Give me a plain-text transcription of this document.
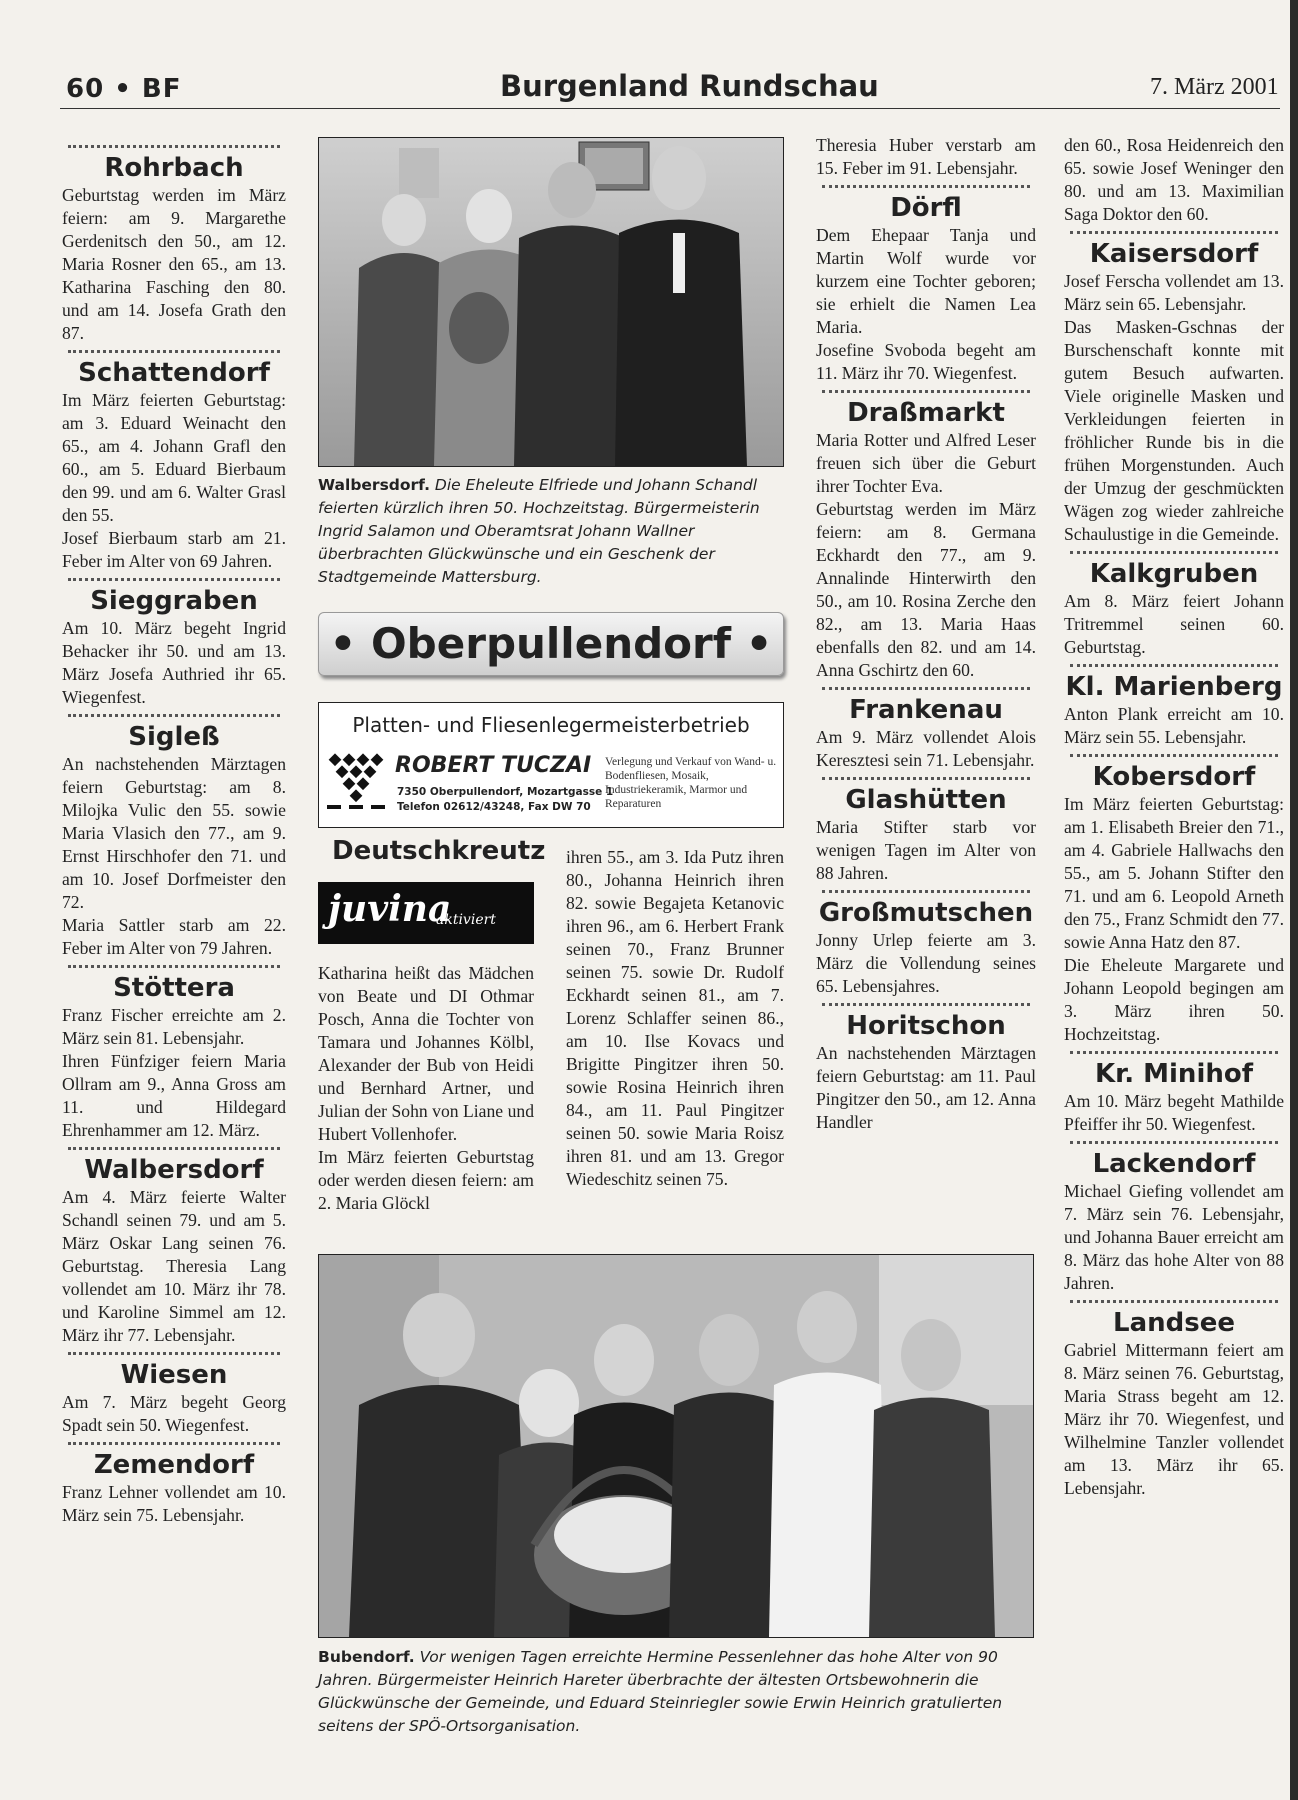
60 • BF	Burgenland Rundschau	7. März 2001
Rohrbach

Geburtstag werden im März feiern: am 9. Margarethe Gerdenitsch den 50., am 12. Maria Rosner den 65., am 13. Katharina Fasching den 80. und am 14. Josefa Grath den 87.

Schattendorf

Im März feierten Geburtstag: am 3. Eduard Weinacht den 65., am 4. Johann Grafl den 60., am 5. Eduard Bierbaum den 99. und am 6. Walter Grasl den 55.

Josef Bierbaum starb am 21. Feber im Alter von 69 Jahren.

Sieggraben

Am 10. März begeht Ingrid Behacker ihr 50. und am 13. März Josefa Authried ihr 65. Wiegenfest.

Sigleß

An nachstehenden Märztagen feiern Geburtstag: am 8. Milojka Vulic den 55. sowie Maria Vlasich den 77., am 9. Ernst Hirschhofer den 71. und am 10. Josef Dorfmeister den 72.

Maria Sattler starb am 22. Feber im Alter von 79 Jahren.

Stöttera

Franz Fischer erreichte am 2. März sein 81. Lebensjahr.

Ihren Fünfziger feiern Maria Ollram am 9., Anna Gross am 11. und Hildegard Ehrenhammer am 12. März.

Walbersdorf

Am 4. März feierte Walter Schandl seinen 79. und am 5. März Oskar Lang seinen 76. Geburtstag. Theresia Lang vollendet am 10. März ihr 78. und Karoline Simmel am 12. März ihr 77. Lebensjahr.

Wiesen

Am 7. März begeht Georg Spadt sein 50. Wiegenfest.

Zemendorf

Franz Lehner vollendet am 10. März sein 75. Lebensjahr.

Walbersdorf. Die Eheleute Elfriede und Johann Schandl feierten kürzlich ihren 50. Hochzeitstag. Bürgermeisterin Ingrid Salamon und Oberamtsrat Johann Wallner überbrachten Glückwünsche und ein Geschenk der Stadtgemeinde Mattersburg.
• Oberpullendorf •
Platten- und Fliesenlegermeisterbetrieb
ROBERT TUCZAI
7350 Oberpullendorf, Mozartgasse 1
Telefon 02612/43248, Fax DW 70
Verlegung und Verkauf von Wand- u. Bodenfliesen, Mosaik, Industriekeramik, Marmor und Reparaturen
Deutschkreutz
juvina
aktiviert

Katharina heißt das Mädchen von Beate und DI Othmar Posch, Anna die Tochter von Tamara und Johannes Kölbl, Alexander der Bub von Heidi und Bernhard Artner, und Julian der Sohn von Liane und Hubert Vollenhofer.

Im März feierten Geburtstag oder werden diesen feiern: am 2. Maria Glöckl

ihren 55., am 3. Ida Putz ihren 80., Johanna Heinrich ihren 82. sowie Begajeta Ketanovic ihren 96., am 6. Herbert Frank seinen 70., Franz Brunner seinen 75. sowie Dr. Rudolf Eckhardt seinen 81., am 7. Lorenz Schlaffer seinen 86., am 10. Ilse Kovacs und Brigitte Pingitzer ihren 50. sowie Rosina Heinrich ihren 84., am 11. Paul Pingitzer seinen 50. sowie Maria Roisz ihren 81. und am 13. Gregor Wiedeschitz seinen 75.

Bubendorf. Vor wenigen Tagen erreichte Hermine Pessenlehner das hohe Alter von 90 Jahren. Bürgermeister Heinrich Hareter überbrachte der ältesten Ortsbewohnerin die Glückwünsche der Gemeinde, und Eduard Steinriegler sowie Erwin Heinrich gratulierten seitens der SPÖ-Ortsorganisation.

Theresia Huber verstarb am 15. Feber im 91. Lebensjahr.

Dörfl

Dem Ehepaar Tanja und Martin Wolf wurde vor kurzem eine Tochter geboren; sie erhielt die Namen Lea Maria.

Josefine Svoboda begeht am 11. März ihr 70. Wiegenfest.

Draßmarkt

Maria Rotter und Alfred Leser freuen sich über die Geburt ihrer Tochter Eva.

Geburtstag werden im März feiern: am 8. Germana Eckhardt den 77., am 9. Annalinde Hinterwirth den 50., am 10. Rosina Zerche den 82., am 13. Maria Haas ebenfalls den 82. und am 14. Anna Gschirtz den 60.

Frankenau

Am 9. März vollendet Alois Keresztesi sein 71. Lebensjahr.

Glashütten

Maria Stifter starb vor wenigen Tagen im Alter von 88 Jahren.

Großmutschen

Jonny Urlep feierte am 3. März die Vollendung seines 65. Lebensjahres.

Horitschon

An nachstehenden Märztagen feiern Geburtstag: am 11. Paul Pingitzer den 50., am 12. Anna Handler

den 60., Rosa Heidenreich den 65. sowie Josef Weninger den 80. und am 13. Maximilian Saga Doktor den 60.

Kaisersdorf

Josef Ferscha vollendet am 13. März sein 65. Lebensjahr.

Das Masken-Gschnas der Burschenschaft konnte mit gutem Besuch aufwarten. Viele originelle Masken und Verkleidungen feierten in fröhlicher Runde bis in die frühen Morgenstunden. Auch der Umzug der geschmückten Wägen zog wieder zahlreiche Schaulustige in die Gemeinde.

Kalkgruben

Am 8. März feiert Johann Tritremmel seinen 60. Geburtstag.

Kl. Marienberg

Anton Plank erreicht am 10. März sein 55. Lebensjahr.

Kobersdorf

Im März feierten Geburtstag: am 1. Elisabeth Breier den 71., am 4. Gabriele Hallwachs den 55., am 5. Johann Stifter den 71. und am 6. Leopold Arneth den 75., Franz Schmidt den 77. sowie Anna Hatz den 87.

Die Eheleute Margarete und Johann Leopold begingen am 3. März ihren 50. Hochzeitstag.

Kr. Minihof

Am 10. März begeht Mathilde Pfeiffer ihr 50. Wiegenfest.

Lackendorf

Michael Giefing vollendet am 7. März sein 76. Lebensjahr, und Johanna Bauer erreicht am 8. März das hohe Alter von 88 Jahren.

Landsee

Gabriel Mittermann feiert am 8. März seinen 76. Geburtstag, Maria Strass begeht am 12. März ihr 70. Wiegenfest, und Wilhelmine Tanzler vollendet am 13. März ihr 65. Lebensjahr.
